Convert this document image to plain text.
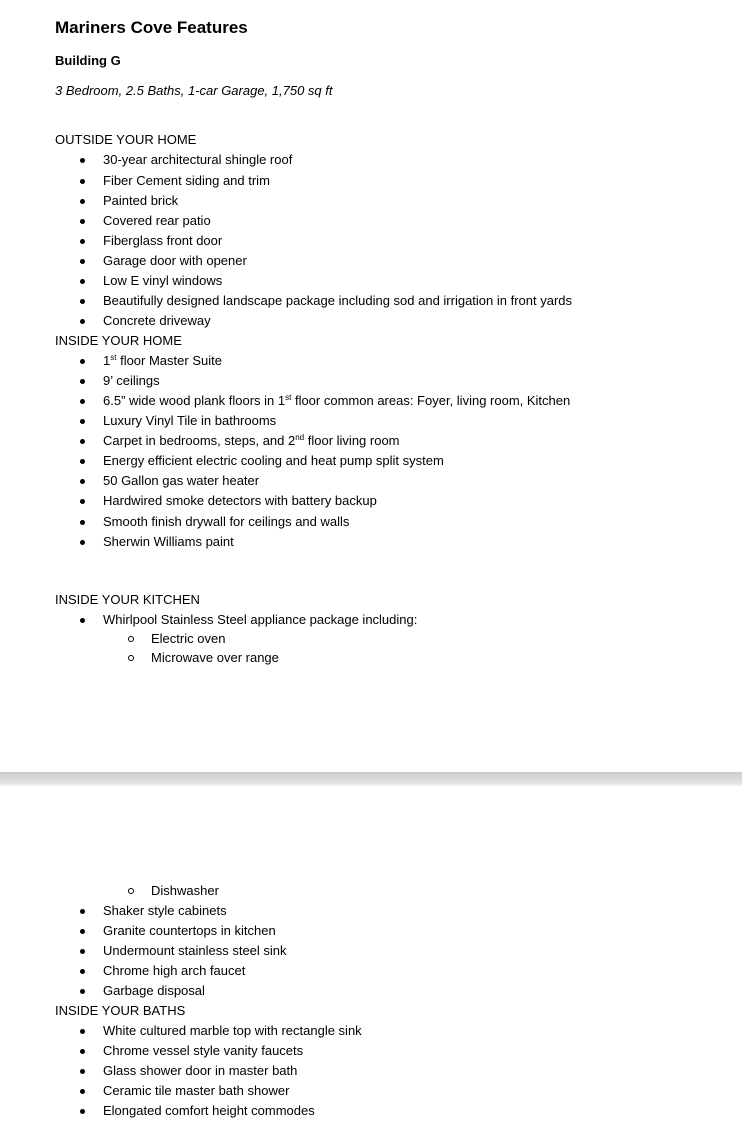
Mariners Cove Features
Building G
3 Bedroom, 2.5 Baths, 1-car Garage, 1,750 sq ft
OUTSIDE YOUR HOME
30-year architectural shingle roof
Fiber Cement siding and trim
Painted brick
Covered rear patio
Fiberglass front door
Garage door with opener
Low E vinyl windows
Beautifully designed landscape package including sod and irrigation in front yards
Concrete driveway
INSIDE YOUR HOME
1st floor Master Suite
9’ ceilings
6.5” wide wood plank floors in 1st floor common areas: Foyer, living room, Kitchen
Luxury Vinyl Tile in bathrooms
Carpet in bedrooms, steps, and 2nd floor living room
Energy efficient electric cooling and heat pump split system
50 Gallon gas water heater
Hardwired smoke detectors with battery backup
Smooth finish drywall for ceilings and walls
Sherwin Williams paint
INSIDE YOUR KITCHEN
Whirlpool Stainless Steel appliance package including:
Electric oven
Microwave over range
Dishwasher
Shaker style cabinets
Granite countertops in kitchen
Undermount stainless steel sink
Chrome high arch faucet
Garbage disposal
INSIDE YOUR BATHS
White cultured marble top with rectangle sink
Chrome vessel style vanity faucets
Glass shower door in master bath
Ceramic tile master bath shower
Elongated comfort height commodes
